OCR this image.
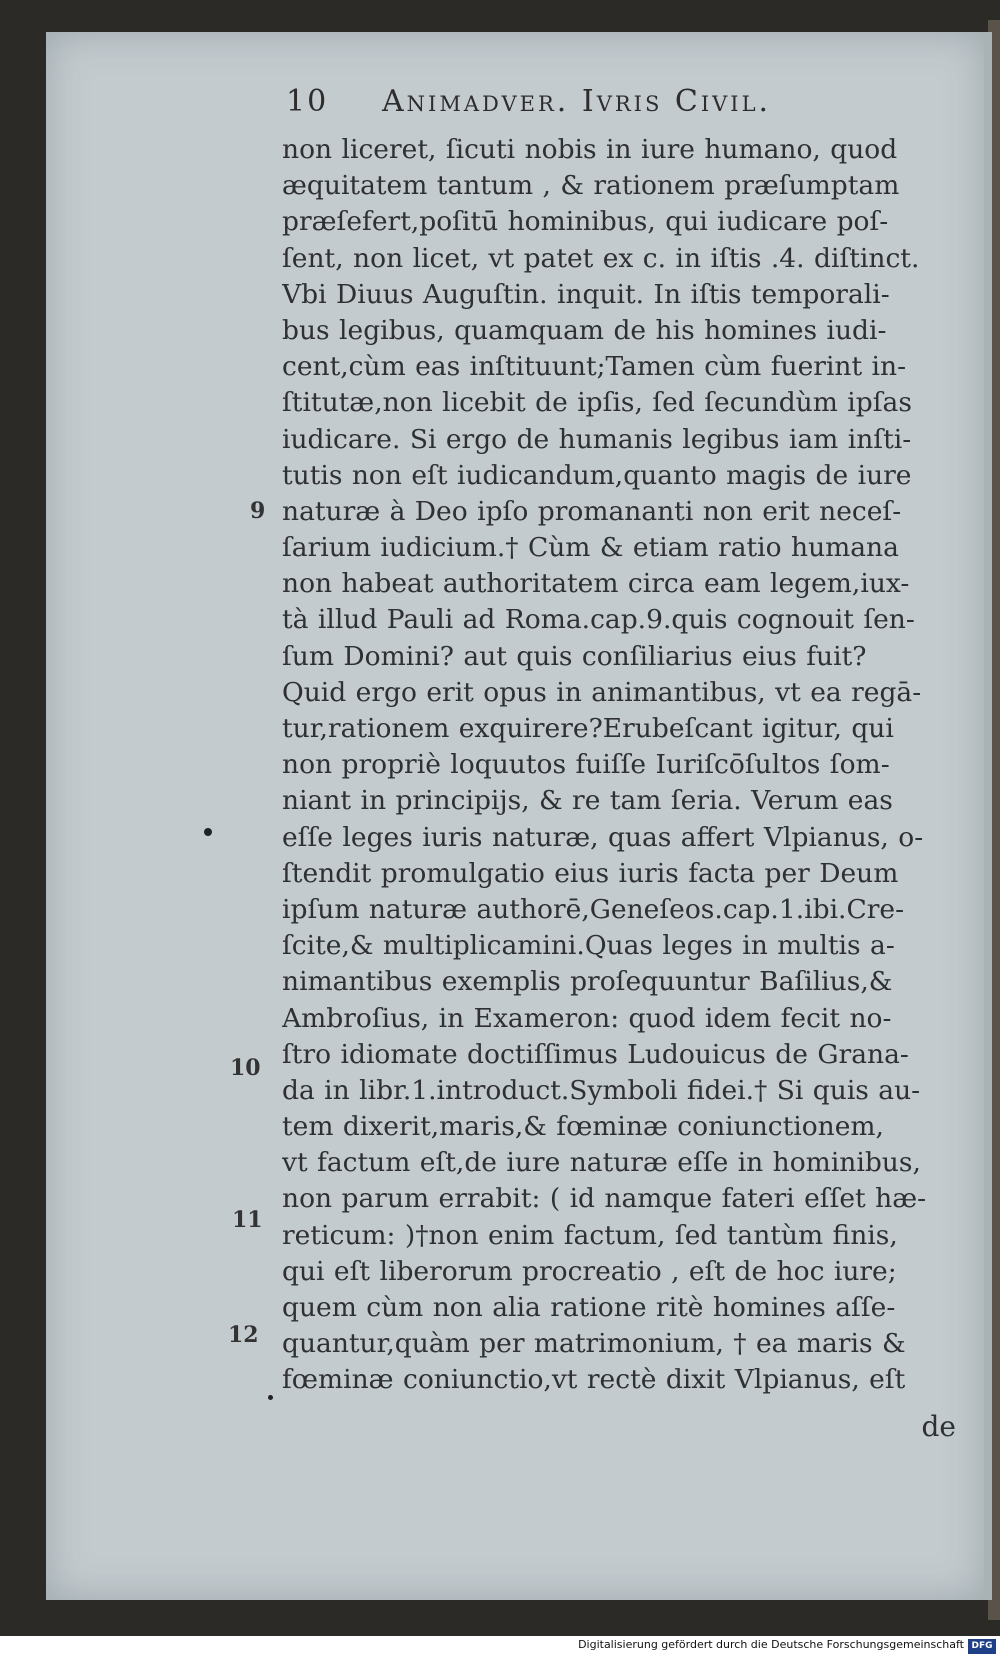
10 Animadver. Ivris Civil.
non liceret, ſicuti nobis in iure humano, quod
æquitatem tantum , & rationem præſumptam
præſefert,poſitū hominibus, qui iudicare poſ-
ſent, non licet, vt patet ex c. in iſtis .4. diſtinct.
Vbi Diuus Auguſtin. inquit. In iſtis temporali-
bus legibus, quamquam de his homines iudi-
cent,cùm eas inſtituunt;Tamen cùm fuerint in-
ſtitutæ,non licebit de ipſis, ſed ſecundùm ipſas
iudicare. Si ergo de humanis legibus iam inſti-
tutis non eſt iudicandum,quanto magis de iure
naturæ à Deo ipſo promananti non erit neceſ-
ſarium iudicium.† Cùm & etiam ratio humana
non habeat authoritatem circa eam legem,iux-
tà illud Pauli ad Roma.cap.9.quis cognouit ſen-
ſum Domini? aut quis conſiliarius eius fuit?
Quid ergo erit opus in animantibus, vt ea regā-
tur,rationem exquirere?Erubeſcant igitur, qui
non propriè loquutos fuiſſe Iuriſcōſultos ſom-
niant in principijs, & re tam ſeria. Verum eas
eſſe leges iuris naturæ, quas affert Vlpianus, o-
ſtendit promulgatio eius iuris facta per Deum
ipſum naturæ authorē,Geneſeos.cap.1.ibi.Cre-
ſcite,& multiplicamini.Quas leges in multis a-
nimantibus exemplis proſequuntur Baſilius,&
Ambroſius, in Exameron: quod idem fecit no-
ſtro idiomate doctiſſimus Ludouicus de Grana-
da in libr.1.introduct.Symboli fidei.† Si quis au-
tem dixerit,maris,& fœminæ coniunctionem,
vt factum eſt,de iure naturæ eſſe in hominibus,
non parum errabit: ( id namque fateri eſſet hæ-
reticum: )†non enim factum, ſed tantùm finis,
qui eſt liberorum procreatio , eſt de hoc iure;
quem cùm non alia ratione ritè homines aſſe-
quantur,quàm per matrimonium, † ea maris &
fœminæ coniunctio,vt rectè dixit Vlpianus, eſt
de
9
10
11
12
Digitalisierung gefördert durch die Deutsche Forschungsgemeinschaft DFG
